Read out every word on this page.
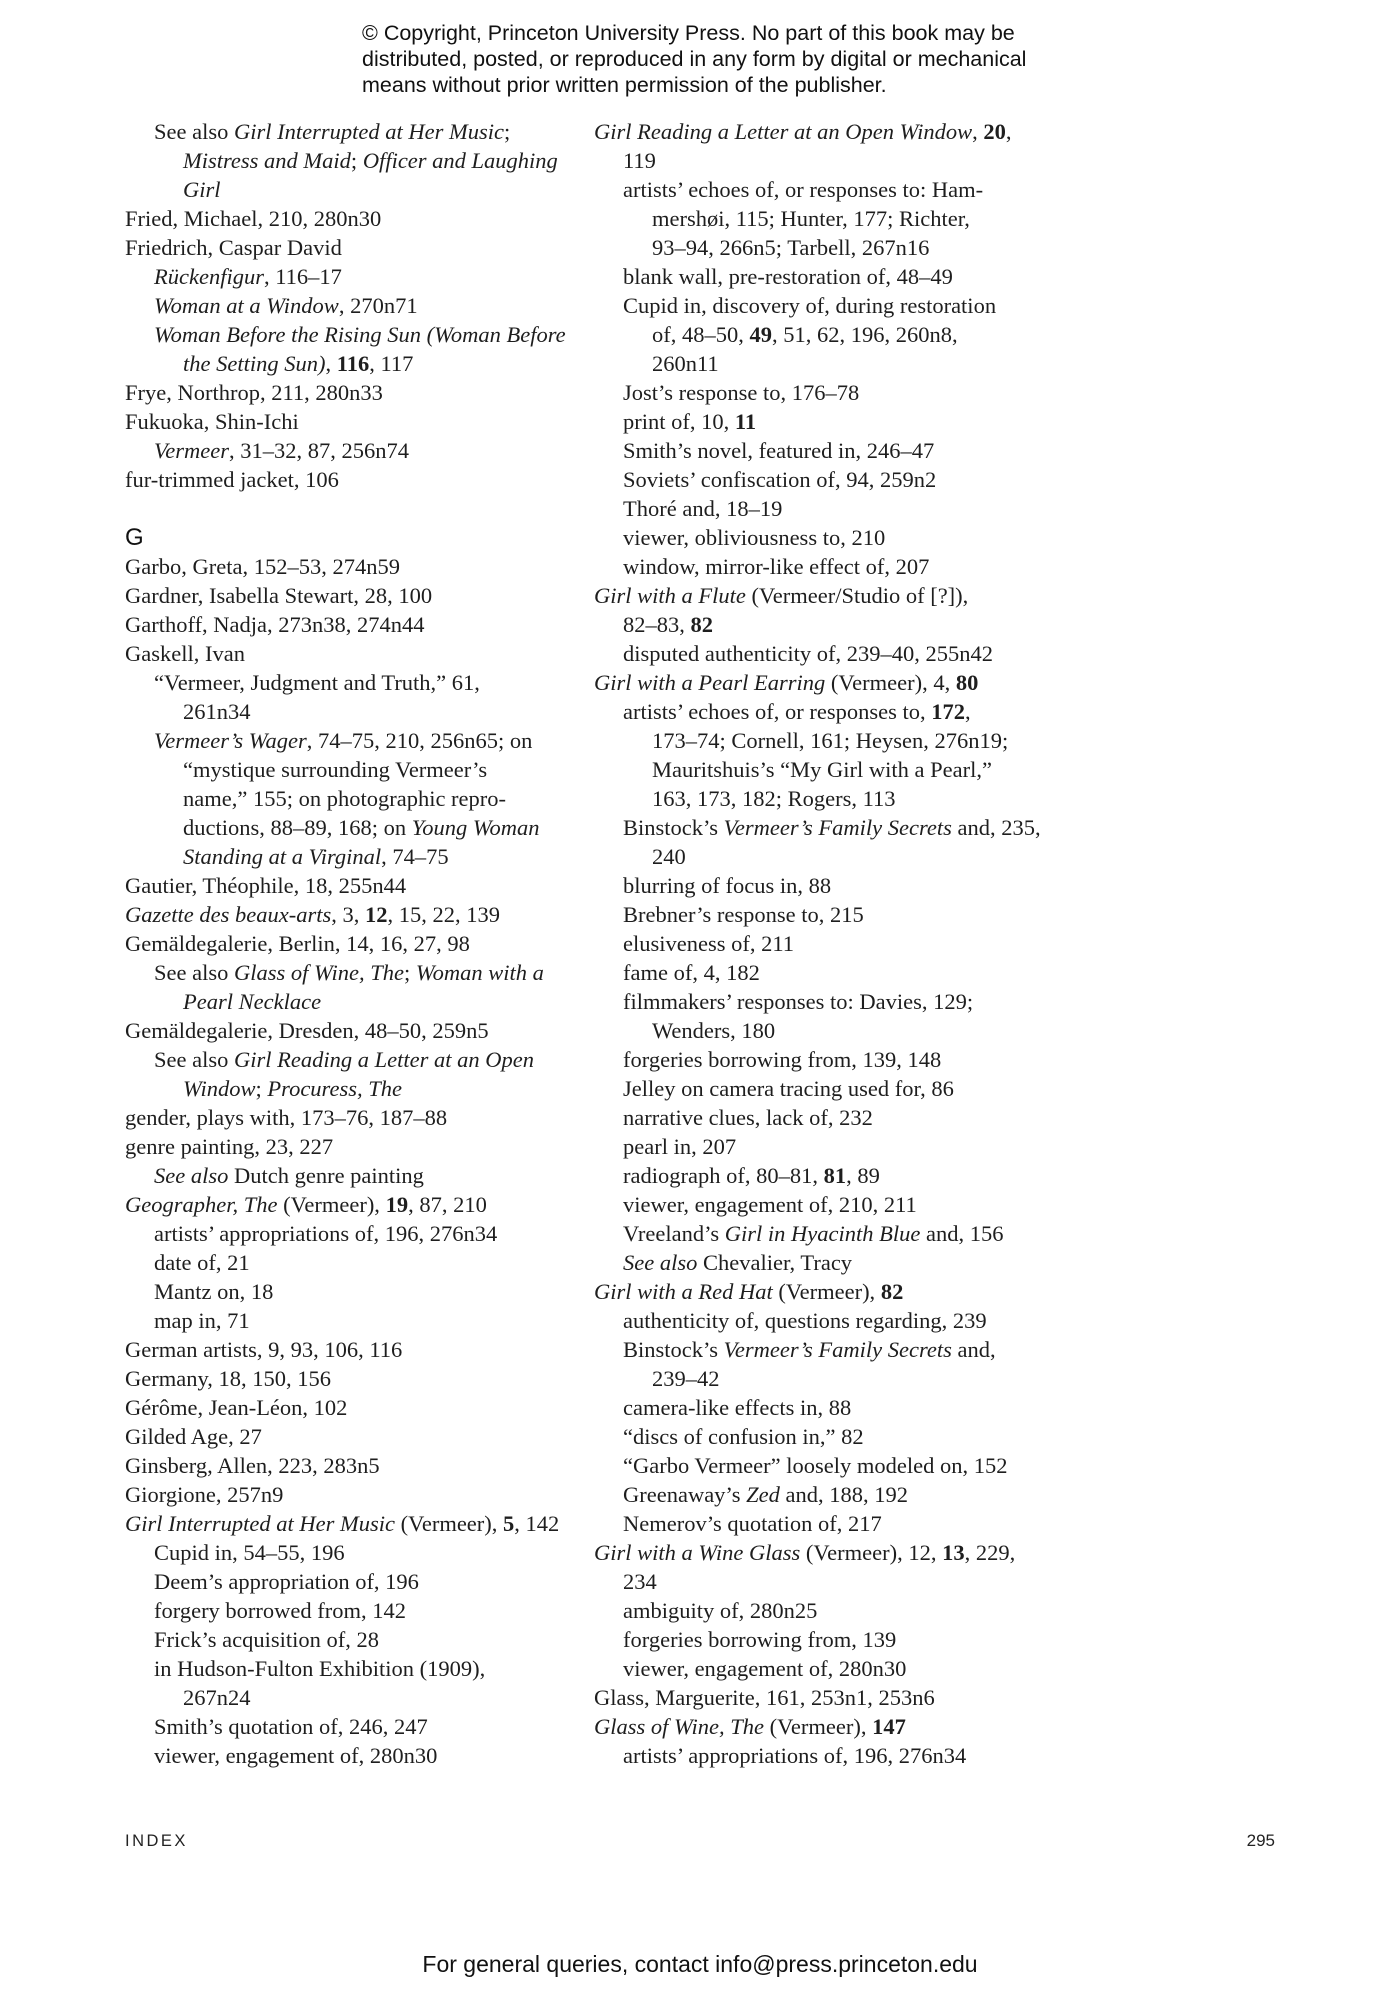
© Copyright, Princeton University Press. No part of this book may be
distributed, posted, or reproduced in any form by digital or mechanical
means without prior written permission of the publisher.
See also Girl Interrupted at Her Music;
Mistress and Maid; Officer and Laughing
Girl
Fried, Michael, 210, 280n30
Friedrich, Caspar David
Rückenfigur, 116–17
Woman at a Window, 270n71
Woman Before the Rising Sun (Woman Before
the Setting Sun), 116, 117
Frye, Northrop, 211, 280n33
Fukuoka, Shin-Ichi
Vermeer, 31–32, 87, 256n74
fur-trimmed jacket, 106
G
Garbo, Greta, 152–53, 274n59
Gardner, Isabella Stewart, 28, 100
Garthoff, Nadja, 273n38, 274n44
Gaskell, Ivan
“Vermeer, Judgment and Truth,” 61,
261n34
Vermeer’s Wager, 74–75, 210, 256n65; on
“mystique surrounding Vermeer’s
name,” 155; on photographic repro-
ductions, 88–89, 168; on Young Woman
Standing at a Virginal, 74–75
Gautier, Théophile, 18, 255n44
Gazette des beaux-arts, 3, 12, 15, 22, 139
Gemäldegalerie, Berlin, 14, 16, 27, 98
See also Glass of Wine, The; Woman with a
Pearl Necklace
Gemäldegalerie, Dresden, 48–50, 259n5
See also Girl Reading a Letter at an Open
Window; Procuress, The
gender, plays with, 173–76, 187–88
genre painting, 23, 227
See also Dutch genre painting
Geographer, The (Vermeer), 19, 87, 210
artists’ appropriations of, 196, 276n34
date of, 21
Mantz on, 18
map in, 71
German artists, 9, 93, 106, 116
Germany, 18, 150, 156
Gérôme, Jean-Léon, 102
Gilded Age, 27
Ginsberg, Allen, 223, 283n5
Giorgione, 257n9
Girl Interrupted at Her Music (Vermeer), 5, 142
Cupid in, 54–55, 196
Deem’s appropriation of, 196
forgery borrowed from, 142
Frick’s acquisition of, 28
in Hudson-Fulton Exhibition (1909),
267n24
Smith’s quotation of, 246, 247
viewer, engagement of, 280n30
Girl Reading a Letter at an Open Window, 20,
119
artists’ echoes of, or responses to: Ham-
mershøi, 115; Hunter, 177; Richter,
93–94, 266n5; Tarbell, 267n16
blank wall, pre-restoration of, 48–49
Cupid in, discovery of, during restoration
of, 48–50, 49, 51, 62, 196, 260n8,
260n11
Jost’s response to, 176–78
print of, 10, 11
Smith’s novel, featured in, 246–47
Soviets’ confiscation of, 94, 259n2
Thoré and, 18–19
viewer, obliviousness to, 210
window, mirror-like effect of, 207
Girl with a Flute (Vermeer/Studio of [?]),
82–83, 82
disputed authenticity of, 239–40, 255n42
Girl with a Pearl Earring (Vermeer), 4, 80
artists’ echoes of, or responses to, 172,
173–74; Cornell, 161; Heysen, 276n19;
Mauritshuis’s “My Girl with a Pearl,”
163, 173, 182; Rogers, 113
Binstock’s Vermeer’s Family Secrets and, 235,
240
blurring of focus in, 88
Brebner’s response to, 215
elusiveness of, 211
fame of, 4, 182
filmmakers’ responses to: Davies, 129;
Wenders, 180
forgeries borrowing from, 139, 148
Jelley on camera tracing used for, 86
narrative clues, lack of, 232
pearl in, 207
radiograph of, 80–81, 81, 89
viewer, engagement of, 210, 211
Vreeland’s Girl in Hyacinth Blue and, 156
See also Chevalier, Tracy
Girl with a Red Hat (Vermeer), 82
authenticity of, questions regarding, 239
Binstock’s Vermeer’s Family Secrets and,
239–42
camera-like effects in, 88
“discs of confusion in,” 82
“Garbo Vermeer” loosely modeled on, 152
Greenaway’s Zed and, 188, 192
Nemerov’s quotation of, 217
Girl with a Wine Glass (Vermeer), 12, 13, 229,
234
ambiguity of, 280n25
forgeries borrowing from, 139
viewer, engagement of, 280n30
Glass, Marguerite, 161, 253n1, 253n6
Glass of Wine, The (Vermeer), 147
artists’ appropriations of, 196, 276n34
INDEX	295
For general queries, contact info@press.princeton.edu
